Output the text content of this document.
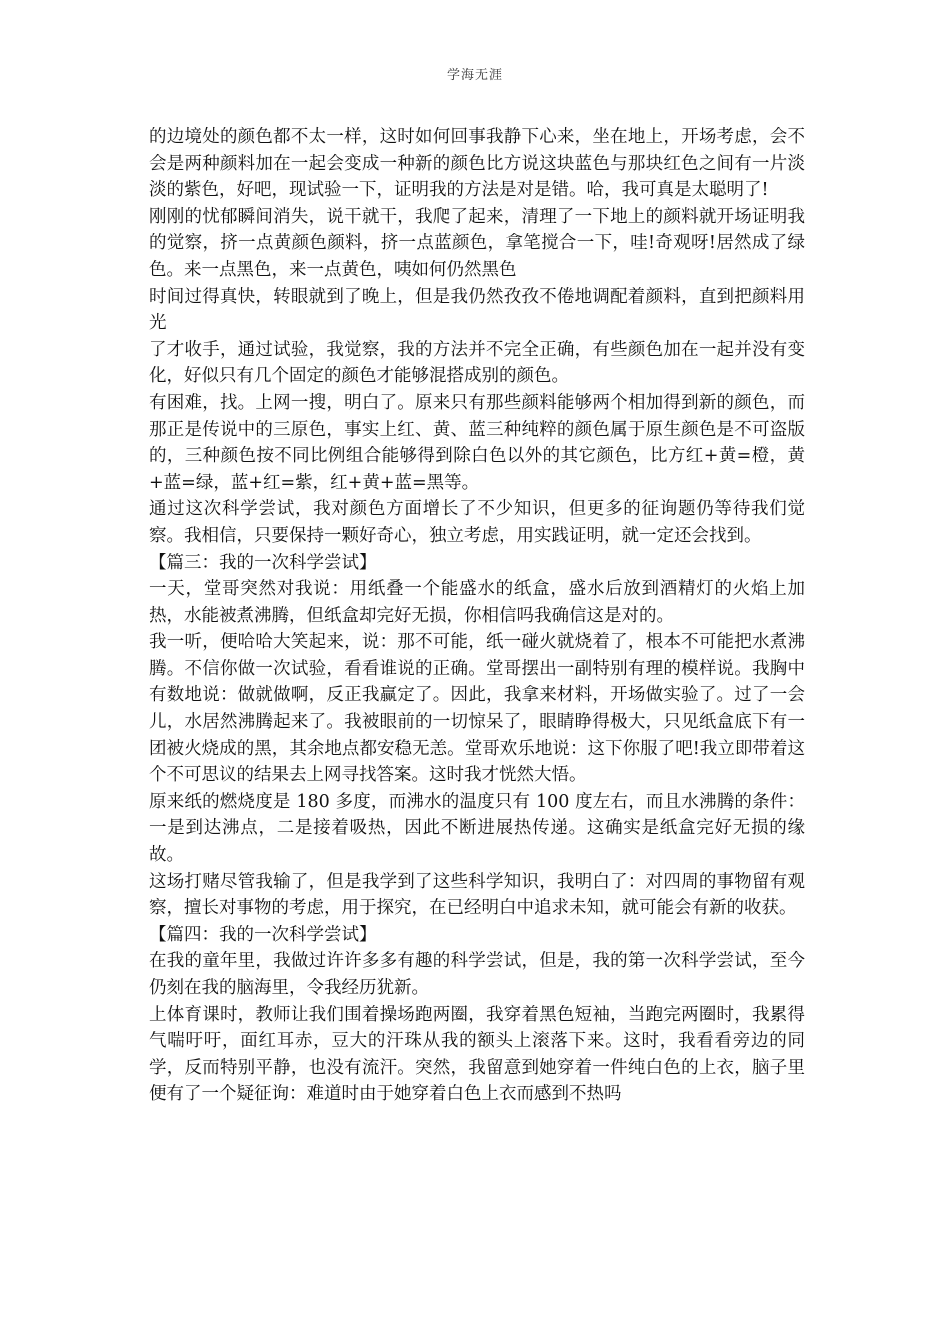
学海无涯

的边境处的颜色都不太一样，这时如何回事我静下心来，坐在地上，开场考虑，会不会是两种颜料加在一起会变成一种新的颜色比方说这块蓝色与那块红色之间有一片淡淡的紫色，好吧，现试验一下，证明我的方法是对是错。哈，我可真是太聪明了!

刚刚的忧郁瞬间消失，说干就干，我爬了起来，清理了一下地上的颜料就开场证明我的觉察，挤一点黄颜色颜料，挤一点蓝颜色，拿笔搅合一下，哇!奇观呀!居然成了绿色。来一点黑色，来一点黄色，咦如何仍然黑色

时间过得真快，转眼就到了晚上，但是我仍然孜孜不倦地调配着颜料，直到把颜料用光

了才收手，通过试验，我觉察，我的方法并不完全正确，有些颜色加在一起并没有变化，好似只有几个固定的颜色才能够混搭成别的颜色。

有困难，找。上网一搜，明白了。原来只有那些颜料能够两个相加得到新的颜色，而那正是传说中的三原色，事实上红、黄、蓝三种纯粹的颜色属于原生颜色是不可盗版的，三种颜色按不同比例组合能够得到除白色以外的其它颜色，比方红+黄=橙，黄+蓝=绿，蓝+红=紫，红+黄+蓝=黑等。

通过这次科学尝试，我对颜色方面增长了不少知识，但更多的征询题仍等待我们觉察。我相信，只要保持一颗好奇心，独立考虑，用实践证明，就一定还会找到。

【篇三：我的一次科学尝试】

一天，堂哥突然对我说：用纸叠一个能盛水的纸盒，盛水后放到酒精灯的火焰上加热，水能被煮沸腾，但纸盒却完好无损，你相信吗我确信这是对的。

我一听，便哈哈大笑起来，说：那不可能，纸一碰火就烧着了，根本不可能把水煮沸腾。不信你做一次试验，看看谁说的正确。堂哥摆出一副特别有理的模样说。我胸中有数地说：做就做啊，反正我赢定了。因此，我拿来材料，开场做实验了。过了一会儿，水居然沸腾起来了。我被眼前的一切惊呆了，眼睛睁得极大，只见纸盒底下有一团被火烧成的黑，其余地点都安稳无恙。堂哥欢乐地说：这下你服了吧!我立即带着这个不可思议的结果去上网寻找答案。这时我才恍然大悟。

原来纸的燃烧度是 180 多度，而沸水的温度只有 100 度左右，而且水沸腾的条件：一是到达沸点，二是接着吸热，因此不断进展热传递。这确实是纸盒完好无损的缘故。

这场打赌尽管我输了，但是我学到了这些科学知识，我明白了：对四周的事物留有观察，擅长对事物的考虑，用于探究，在已经明白中追求未知，就可能会有新的收获。

【篇四：我的一次科学尝试】

在我的童年里，我做过许许多多有趣的科学尝试，但是，我的第一次科学尝试，至今仍刻在我的脑海里，令我经历犹新。

上体育课时，教师让我们围着操场跑两圈，我穿着黑色短袖，当跑完两圈时，我累得气喘吁吁，面红耳赤，豆大的汗珠从我的额头上滚落下来。这时，我看看旁边的同学，反而特别平静，也没有流汗。突然，我留意到她穿着一件纯白色的上衣，脑子里便有了一个疑征询：难道时由于她穿着白色上衣而感到不热吗
